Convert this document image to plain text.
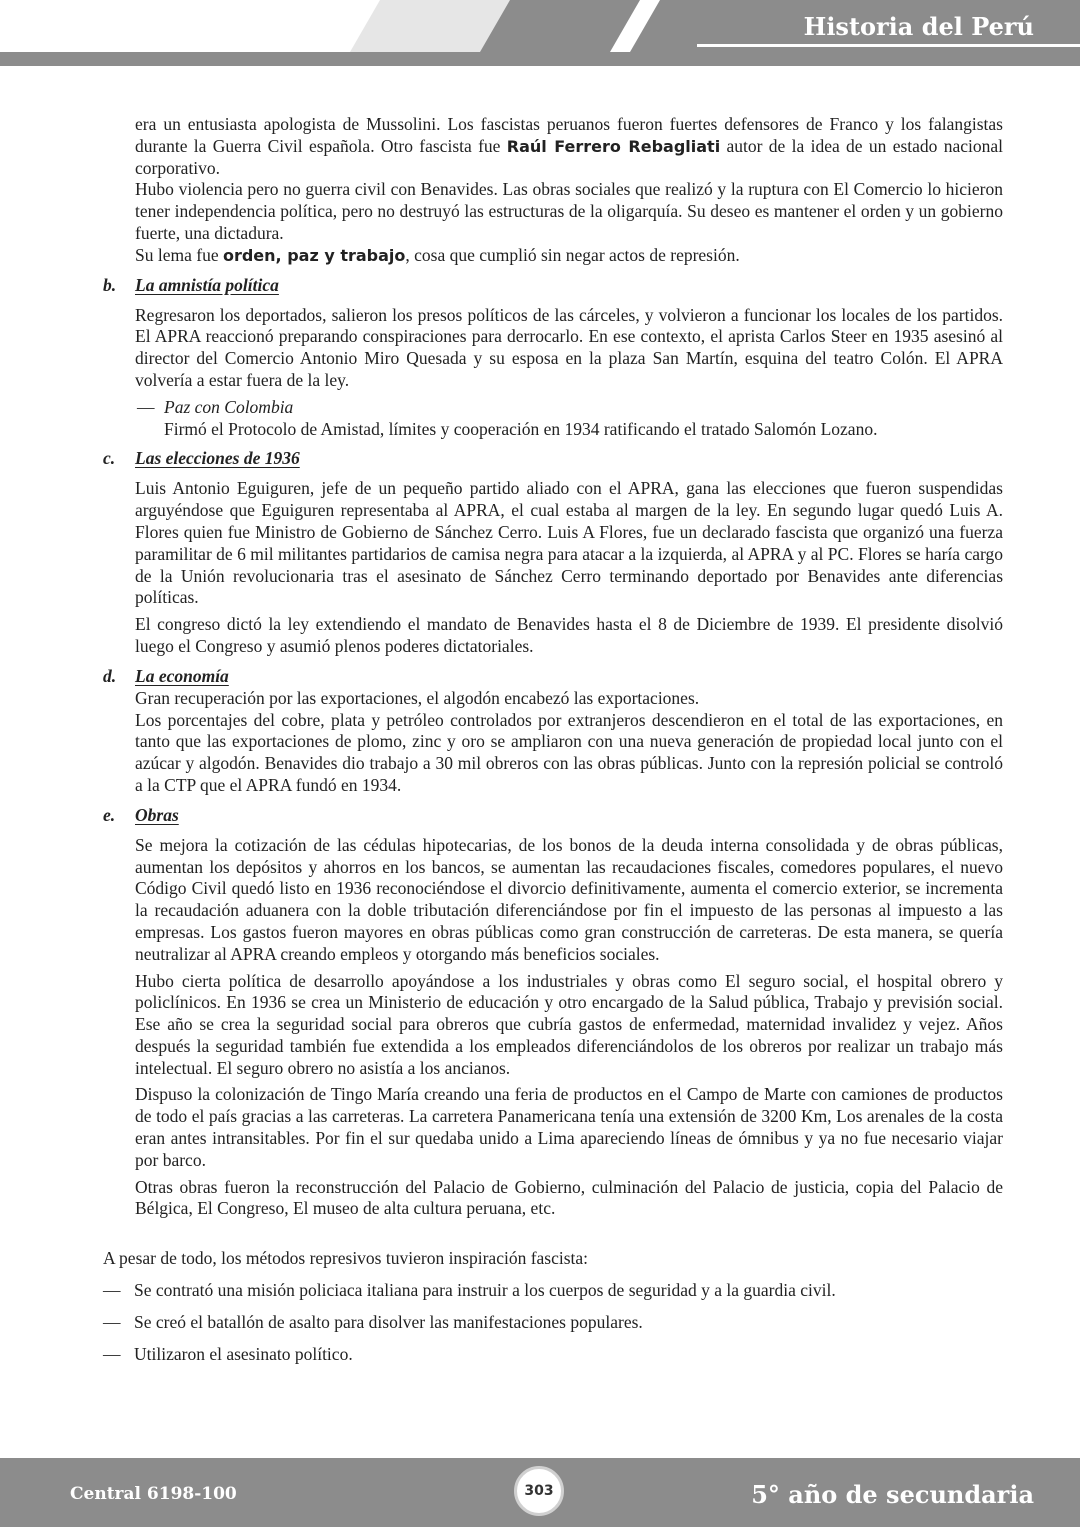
Historia del Perú

era un entusiasta apologista de Mussolini. Los fascistas peruanos fueron fuertes defensores de Franco y los falangistas durante la Guerra Civil española. Otro fascista fue Raúl Ferrero Rebagliati autor de la idea de un estado nacional corporativo.

Hubo violencia pero no guerra civil con Benavides. Las obras sociales que realizó y la ruptura con El Comercio lo hicieron tener independencia política, pero no destruyó las estructuras de la oligarquía. Su deseo es mantener el orden y un gobierno fuerte, una dictadura.

Su lema fue orden, paz y trabajo, cosa que cumplió sin negar actos de represión.

b. La amnistía política

Regresaron los deportados, salieron los presos políticos de las cárceles, y volvieron a funcionar los locales de los partidos. El APRA reaccionó preparando conspiraciones para derrocarlo. En ese contexto, el aprista Carlos Steer en 1935 asesinó al director del Comercio Antonio Miro Quesada y su esposa en la plaza San Martín, esquina del teatro Colón. El APRA volvería a estar fuera de la ley.

— Paz con Colombia
Firmó el Protocolo de Amistad, límites y cooperación en 1934 ratificando el tratado Salomón Lozano.
c. Las elecciones de 1936

Luis Antonio Eguiguren, jefe de un pequeño partido aliado con el APRA, gana las elecciones que fueron suspendidas arguyéndose que Eguiguren representaba al APRA, el cual estaba al margen de la ley. En segundo lugar quedó Luis A. Flores quien fue Ministro de Gobierno de Sánchez Cerro. Luis A Flores, fue un declarado fascista que organizó una fuerza paramilitar de 6 mil militantes partidarios de camisa negra para atacar a la izquierda, al APRA y al PC. Flores se haría cargo de la Unión revolucionaria tras el asesinato de Sánchez Cerro terminando deportado por Benavides ante diferencias políticas.

El congreso dictó la ley extendiendo el mandato de Benavides hasta el 8 de Diciembre de 1939. El presidente disolvió luego el Congreso y asumió plenos poderes dictatoriales.

d. La economía

Gran recuperación por las exportaciones, el algodón encabezó las exportaciones.

Los porcentajes del cobre, plata y petróleo controlados por extranjeros descendieron en el total de las exportaciones, en tanto que las exportaciones de plomo, zinc y oro se ampliaron con una nueva generación de propiedad local junto con el azúcar y algodón. Benavides dio trabajo a 30 mil obreros con las obras públicas. Junto con la represión policial se controló a la CTP que el APRA fundó en 1934.

e. Obras

Se mejora la cotización de las cédulas hipotecarias, de los bonos de la deuda interna consolidada y de obras públicas, aumentan los depósitos y ahorros en los bancos, se aumentan las recaudaciones fiscales, comedores populares, el nuevo Código Civil quedó listo en 1936 reconociéndose el divorcio definitivamente, aumenta el comercio exterior, se incrementa la recaudación aduanera con la doble tributación diferenciándose por fin el impuesto de las personas al impuesto a las empresas. Los gastos fueron mayores en obras públicas como gran construcción de carreteras. De esta manera, se quería neutralizar al APRA creando empleos y otorgando más beneficios sociales.

Hubo cierta política de desarrollo apoyándose a los industriales y obras como El seguro social, el hospital obrero y policlínicos. En 1936 se crea un Ministerio de educación y otro encargado de la Salud pública, Trabajo y previsión social. Ese año se crea la seguridad social para obreros que cubría gastos de enfermedad, maternidad invalidez y vejez. Años después la seguridad también fue extendida a los empleados diferenciándolos de los obreros por realizar un trabajo más intelectual. El seguro obrero no asistía a los ancianos.

Dispuso la colonización de Tingo María creando una feria de productos en el Campo de Marte con camiones de productos de todo el país gracias a las carreteras. La carretera Panamericana tenía una extensión de 3200 Km, Los arenales de la costa eran antes intransitables. Por fin el sur quedaba unido a Lima apareciendo líneas de ómnibus y ya no fue necesario viajar por barco.

Otras obras fueron la reconstrucción del Palacio de Gobierno, culminación del Palacio de justicia, copia del Palacio de Bélgica, El Congreso, El museo de alta cultura peruana, etc.

A pesar de todo, los métodos represivos tuvieron inspiración fascista:
— Se contrató una misión policiaca italiana para instruir a los cuerpos de seguridad y a la guardia civil.
— Se creó el batallón de asalto para disolver las manifestaciones populares.
— Utilizaron el asesinato político.
Central 6198-100	303	5° año de secundaria
